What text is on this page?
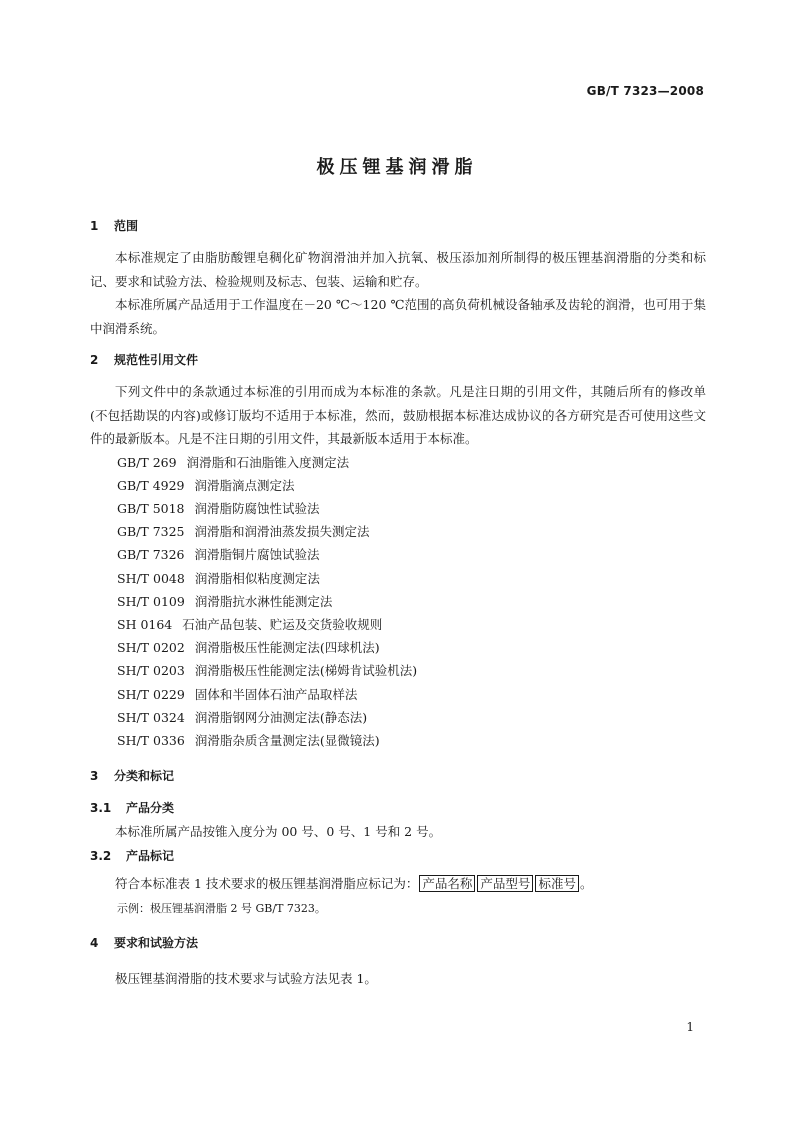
GB/T 7323—2008
极压锂基润滑脂
1 范围

本标准规定了由脂肪酸锂皂稠化矿物润滑油并加入抗氧、极压添加剂所制得的极压锂基润滑脂的分类和标记、要求和试验方法、检验规则及标志、包装、运输和贮存。

本标准所属产品适用于工作温度在－20 ℃～120 ℃范围的高负荷机械设备轴承及齿轮的润滑，也可用于集中润滑系统。

2 规范性引用文件

下列文件中的条款通过本标准的引用而成为本标准的条款。凡是注日期的引用文件，其随后所有的修改单(不包括勘误的内容)或修订版均不适用于本标准，然而，鼓励根据本标准达成协议的各方研究是否可使用这些文件的最新版本。凡是不注日期的引用文件，其最新版本适用于本标准。

GB/T 269 润滑脂和石油脂锥入度测定法
GB/T 4929 润滑脂滴点测定法
GB/T 5018 润滑脂防腐蚀性试验法
GB/T 7325 润滑脂和润滑油蒸发损失测定法
GB/T 7326 润滑脂铜片腐蚀试验法
SH/T 0048 润滑脂相似粘度测定法
SH/T 0109 润滑脂抗水淋性能测定法
SH 0164 石油产品包装、贮运及交货验收规则
SH/T 0202 润滑脂极压性能测定法(四球机法)
SH/T 0203 润滑脂极压性能测定法(梯姆肯试验机法)
SH/T 0229 固体和半固体石油产品取样法
SH/T 0324 润滑脂钢网分油测定法(静态法)
SH/T 0336 润滑脂杂质含量测定法(显微镜法)
3 分类和标记
3.1 产品分类

本标准所属产品按锥入度分为 00 号、0 号、1 号和 2 号。

3.2 产品标记

符合本标准表 1 技术要求的极压锂基润滑脂应标记为： 产品名称 产品型号 标准号 。

示例：极压锂基润滑脂 2 号 GB/T 7323。

4 要求和试验方法

极压锂基润滑脂的技术要求与试验方法见表 1。

1
